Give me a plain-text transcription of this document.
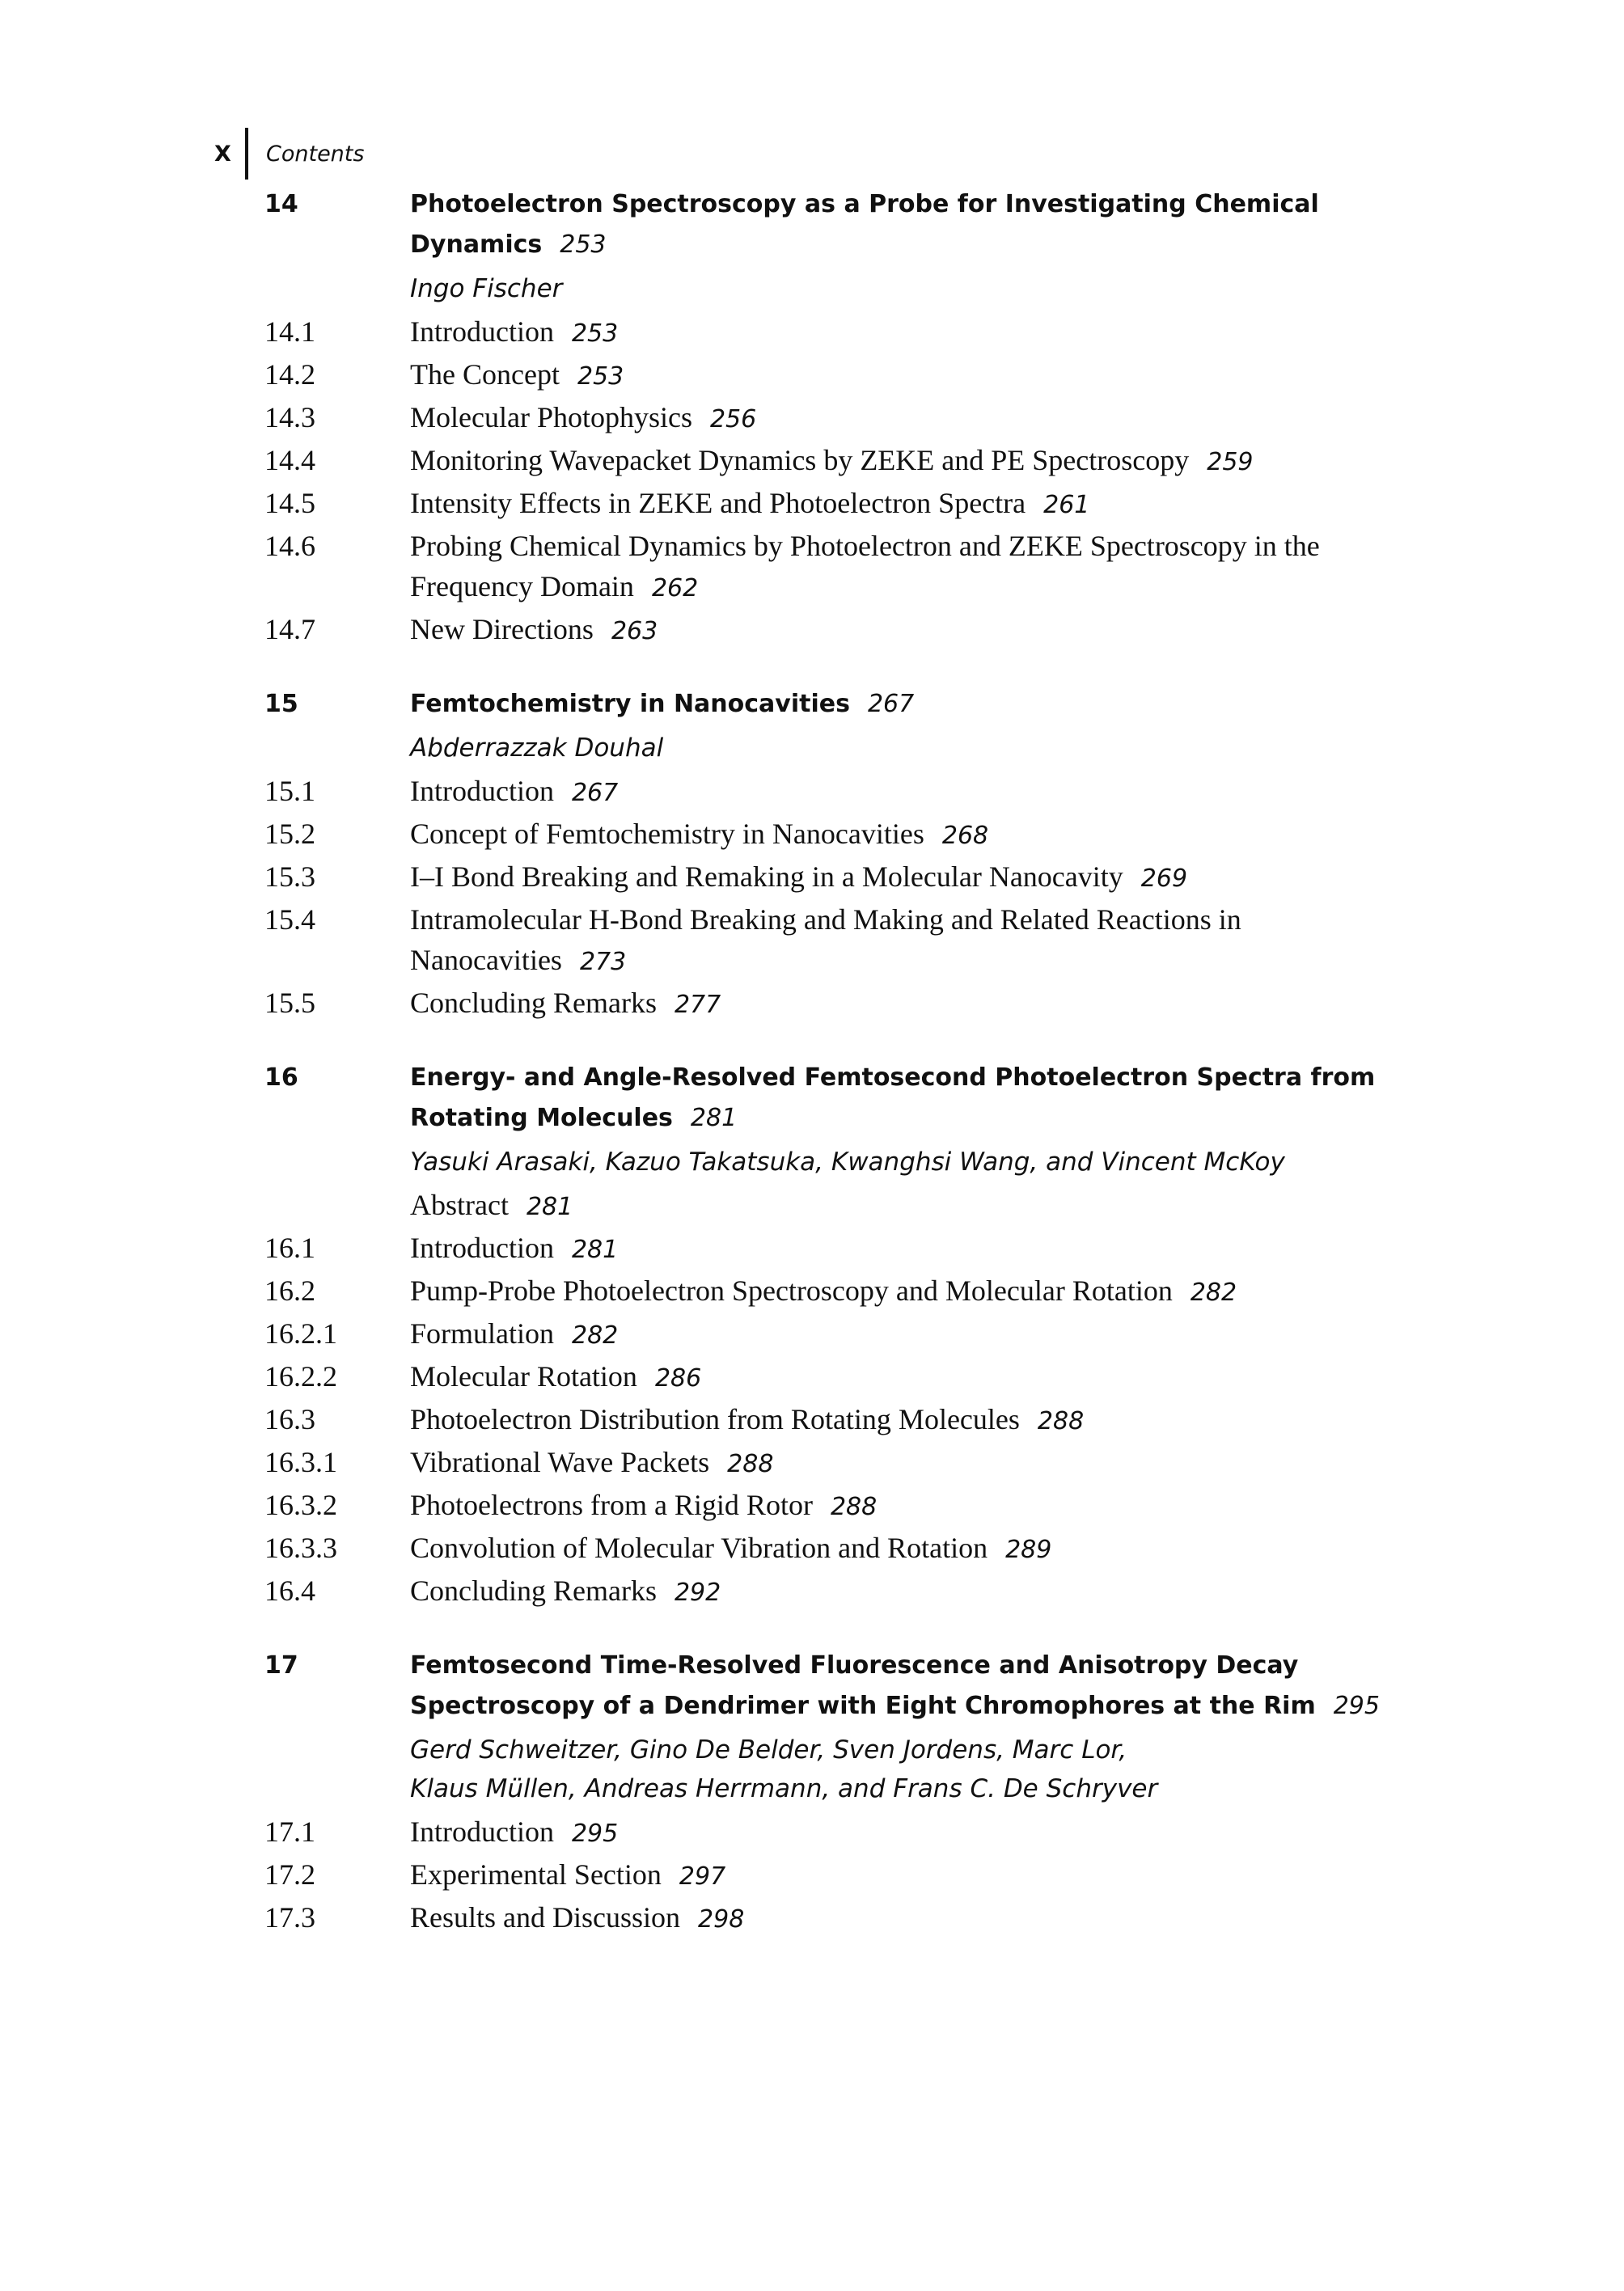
X	Contents
14	Photoelectron Spectroscopy as a Probe for Investigating Chemical Dynamics 253
Ingo Fischer
14.1	Introduction 253
14.2	The Concept 253
14.3	Molecular Photophysics 256
14.4	Monitoring Wavepacket Dynamics by ZEKE and PE Spectroscopy 259
14.5	Intensity Effects in ZEKE and Photoelectron Spectra 261
14.6	Probing Chemical Dynamics by Photoelectron and ZEKE Spectroscopy in the Frequency Domain 262
14.7	New Directions 263
15	Femtochemistry in Nanocavities 267
Abderrazzak Douhal
15.1	Introduction 267
15.2	Concept of Femtochemistry in Nanocavities 268
15.3	I–I Bond Breaking and Remaking in a Molecular Nanocavity 269
15.4	Intramolecular H-Bond Breaking and Making and Related Reactions in Nanocavities 273
15.5	Concluding Remarks 277
16	Energy- and Angle-Resolved Femtosecond Photoelectron Spectra from Rotating Molecules 281
Yasuki Arasaki, Kazuo Takatsuka, Kwanghsi Wang, and Vincent McKoy
Abstract 281
16.1	Introduction 281
16.2	Pump-Probe Photoelectron Spectroscopy and Molecular Rotation 282
16.2.1	Formulation 282
16.2.2	Molecular Rotation 286
16.3	Photoelectron Distribution from Rotating Molecules 288
16.3.1	Vibrational Wave Packets 288
16.3.2	Photoelectrons from a Rigid Rotor 288
16.3.3	Convolution of Molecular Vibration and Rotation 289
16.4	Concluding Remarks 292
17	Femtosecond Time-Resolved Fluorescence and Anisotropy Decay Spectroscopy of a Dendrimer with Eight Chromophores at the Rim 295
Gerd Schweitzer, Gino De Belder, Sven Jordens, Marc Lor,
Klaus Müllen, Andreas Herrmann, and Frans C. De Schryver
17.1	Introduction 295
17.2	Experimental Section 297
17.3	Results and Discussion 298
